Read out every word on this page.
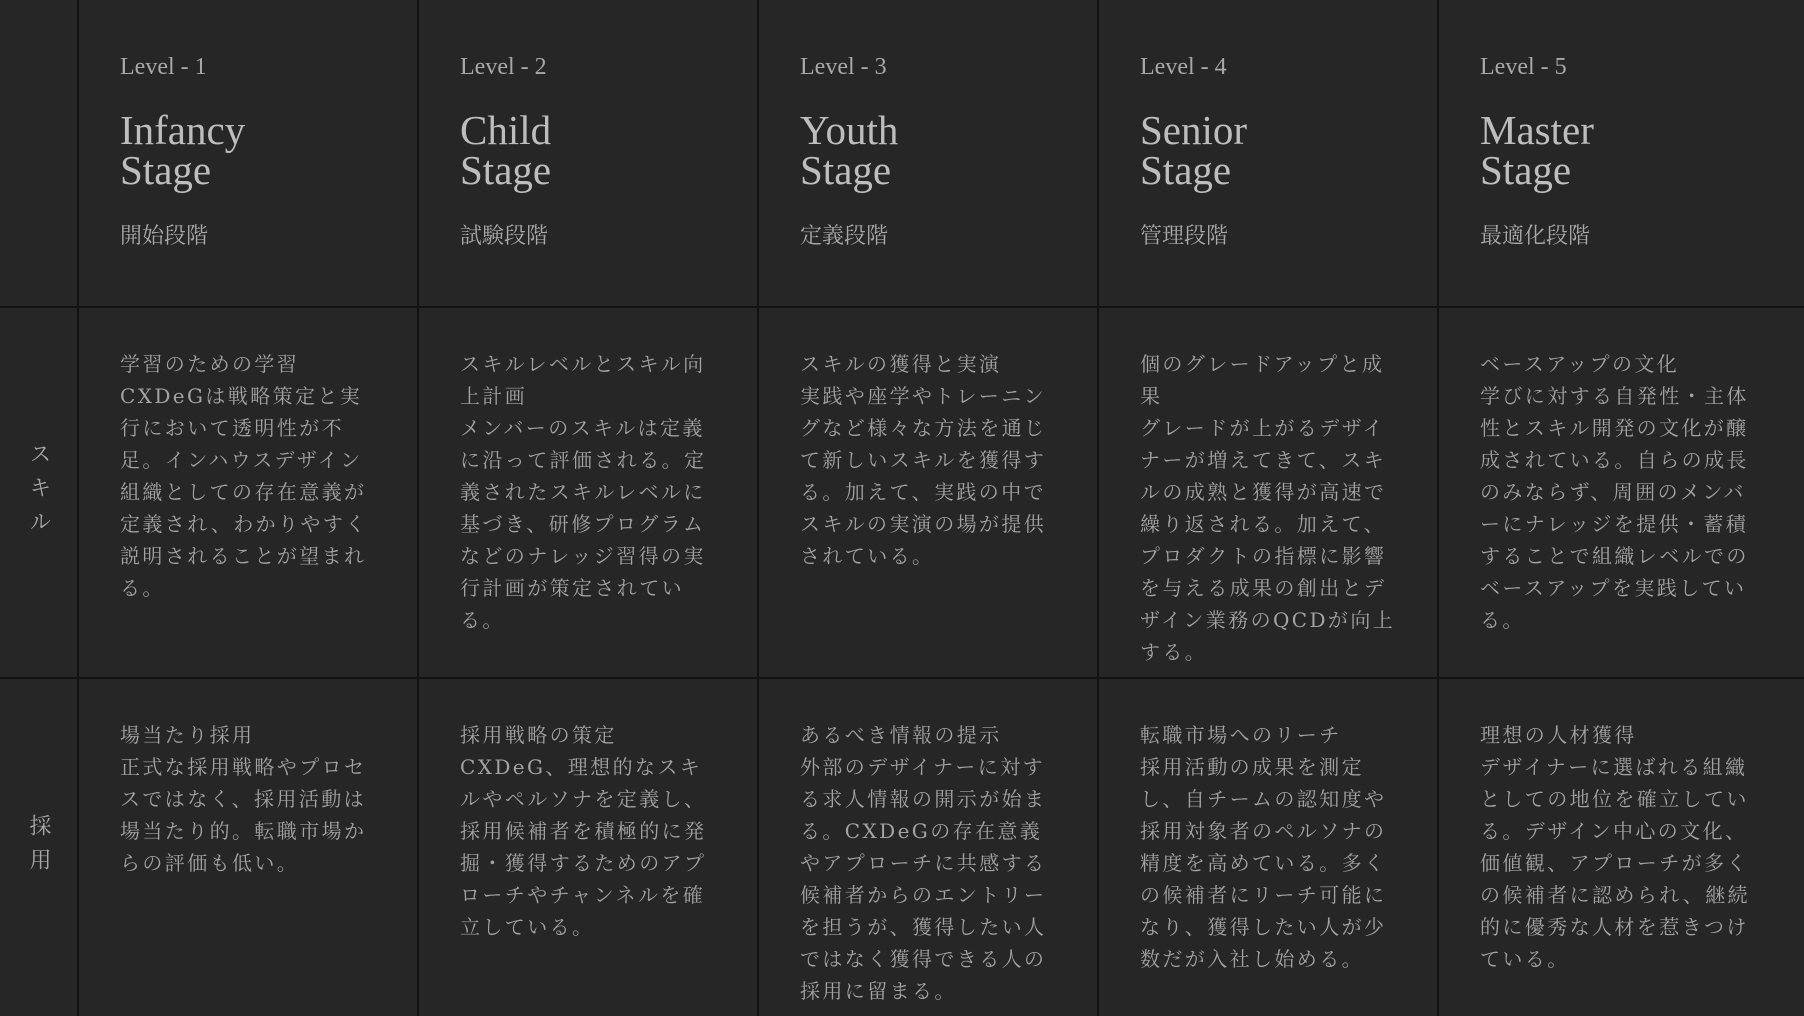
Level - 1
Infancy
Stage
開始段階
Level - 2
Child
Stage
試験段階
Level - 3
Youth
Stage
定義段階
Level - 4
Senior
Stage
管理段階
Level - 5
Master
Stage
最適化段階
スキル
学習のための学習
CXDeGは戦略策定と実行において透明性が不足。インハウスデザイン組織としての存在意義が定義され、わかりやすく説明されることが望まれる。
スキルレベルとスキル向上計画
メンバーのスキルは定義に沿って評価される。定義されたスキルレベルに基づき、研修プログラムなどのナレッジ習得の実行計画が策定されている。
スキルの獲得と実演
実践や座学やトレーニングなど様々な方法を通じて新しいスキルを獲得する。加えて、実践の中でスキルの実演の場が提供されている。
個のグレードアップと成果
グレードが上がるデザイナーが増えてきて、スキルの成熟と獲得が高速で繰り返される。加えて、プロダクトの指標に影響を与える成果の創出とデザイン業務のQCDが向上する。
ベースアップの文化
学びに対する自発性・主体性とスキル開発の文化が醸成されている。自らの成長のみならず、周囲のメンバーにナレッジを提供・蓄積することで組織レベルでのベースアップを実践している。
採用
場当たり採用
正式な採用戦略やプロセスではなく、採用活動は場当たり的。転職市場からの評価も低い。
採用戦略の策定
CXDeG、理想的なスキルやペルソナを定義し、採用候補者を積極的に発掘・獲得するためのアプローチやチャンネルを確立している。
あるべき情報の提示
外部のデザイナーに対する求人情報の開示が始まる。CXDeGの存在意義やアプローチに共感する候補者からのエントリーを担うが、獲得したい人ではなく獲得できる人の採用に留まる。
転職市場へのリーチ
採用活動の成果を測定し、自チームの認知度や採用対象者のペルソナの精度を高めている。多くの候補者にリーチ可能になり、獲得したい人が少数だが入社し始める。
理想の人材獲得
デザイナーに選ばれる組織としての地位を確立している。デザイン中心の文化、価値観、アプローチが多くの候補者に認められ、継続的に優秀な人材を惹きつけている。
